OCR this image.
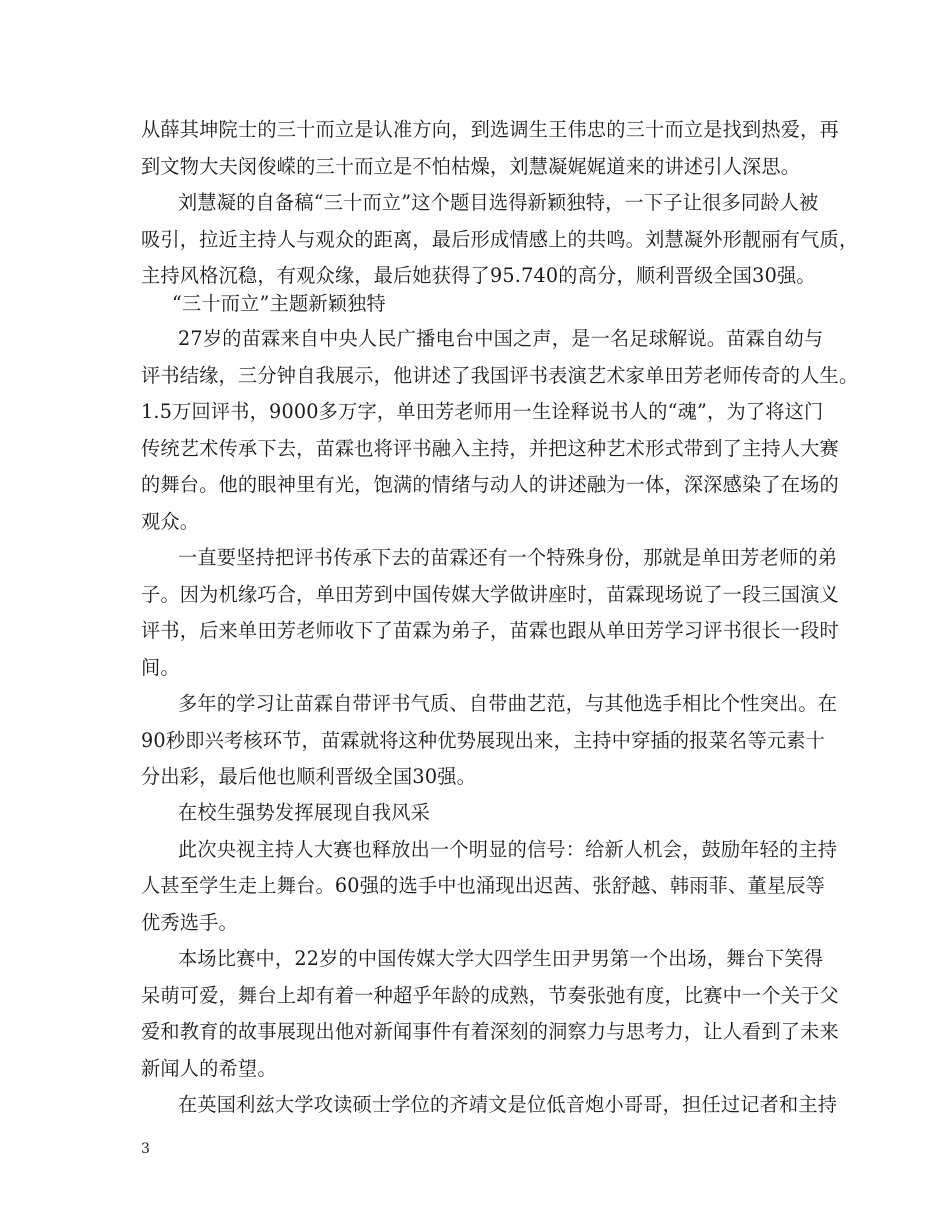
从薛其坤院士的三十而立是认准方向，到选调生王伟忠的三十而立是找到热爱，再
到文物大夫闵俊嵘的三十而立是不怕枯燥，刘慧凝娓娓道来的讲述引人深思。
刘慧凝的自备稿“三十而立”这个题目选得新颖独特，一下子让很多同龄人被
吸引，拉近主持人与观众的距离，最后形成情感上的共鸣。刘慧凝外形靓丽有气质，
主持风格沉稳，有观众缘，最后她获得了95.740的高分，顺利晋级全国30强。
“三十而立”主题新颖独特
27岁的苗霖来自中央人民广播电台中国之声，是一名足球解说。苗霖自幼与
评书结缘，三分钟自我展示，他讲述了我国评书表演艺术家单田芳老师传奇的人生。
1.5万回评书，9000多万字，单田芳老师用一生诠释说书人的“魂”，为了将这门
传统艺术传承下去，苗霖也将评书融入主持，并把这种艺术形式带到了主持人大赛
的舞台。他的眼神里有光，饱满的情绪与动人的讲述融为一体，深深感染了在场的
观众。
一直要坚持把评书传承下去的苗霖还有一个特殊身份，那就是单田芳老师的弟
子。因为机缘巧合，单田芳到中国传媒大学做讲座时，苗霖现场说了一段三国演义
评书，后来单田芳老师收下了苗霖为弟子，苗霖也跟从单田芳学习评书很长一段时
间。
多年的学习让苗霖自带评书气质、自带曲艺范，与其他选手相比个性突出。在
90秒即兴考核环节，苗霖就将这种优势展现出来，主持中穿插的报菜名等元素十
分出彩，最后他也顺利晋级全国30强。
在校生强势发挥展现自我风采
此次央视主持人大赛也释放出一个明显的信号：给新人机会，鼓励年轻的主持
人甚至学生走上舞台。60强的选手中也涌现出迟茜、张舒越、韩雨菲、董星辰等
优秀选手。
本场比赛中，22岁的中国传媒大学大四学生田尹男第一个出场，舞台下笑得
呆萌可爱，舞台上却有着一种超乎年龄的成熟，节奏张弛有度，比赛中一个关于父
爱和教育的故事展现出他对新闻事件有着深刻的洞察力与思考力，让人看到了未来
新闻人的希望。
在英国利兹大学攻读硕士学位的齐靖文是位低音炮小哥哥，担任过记者和主持
3
